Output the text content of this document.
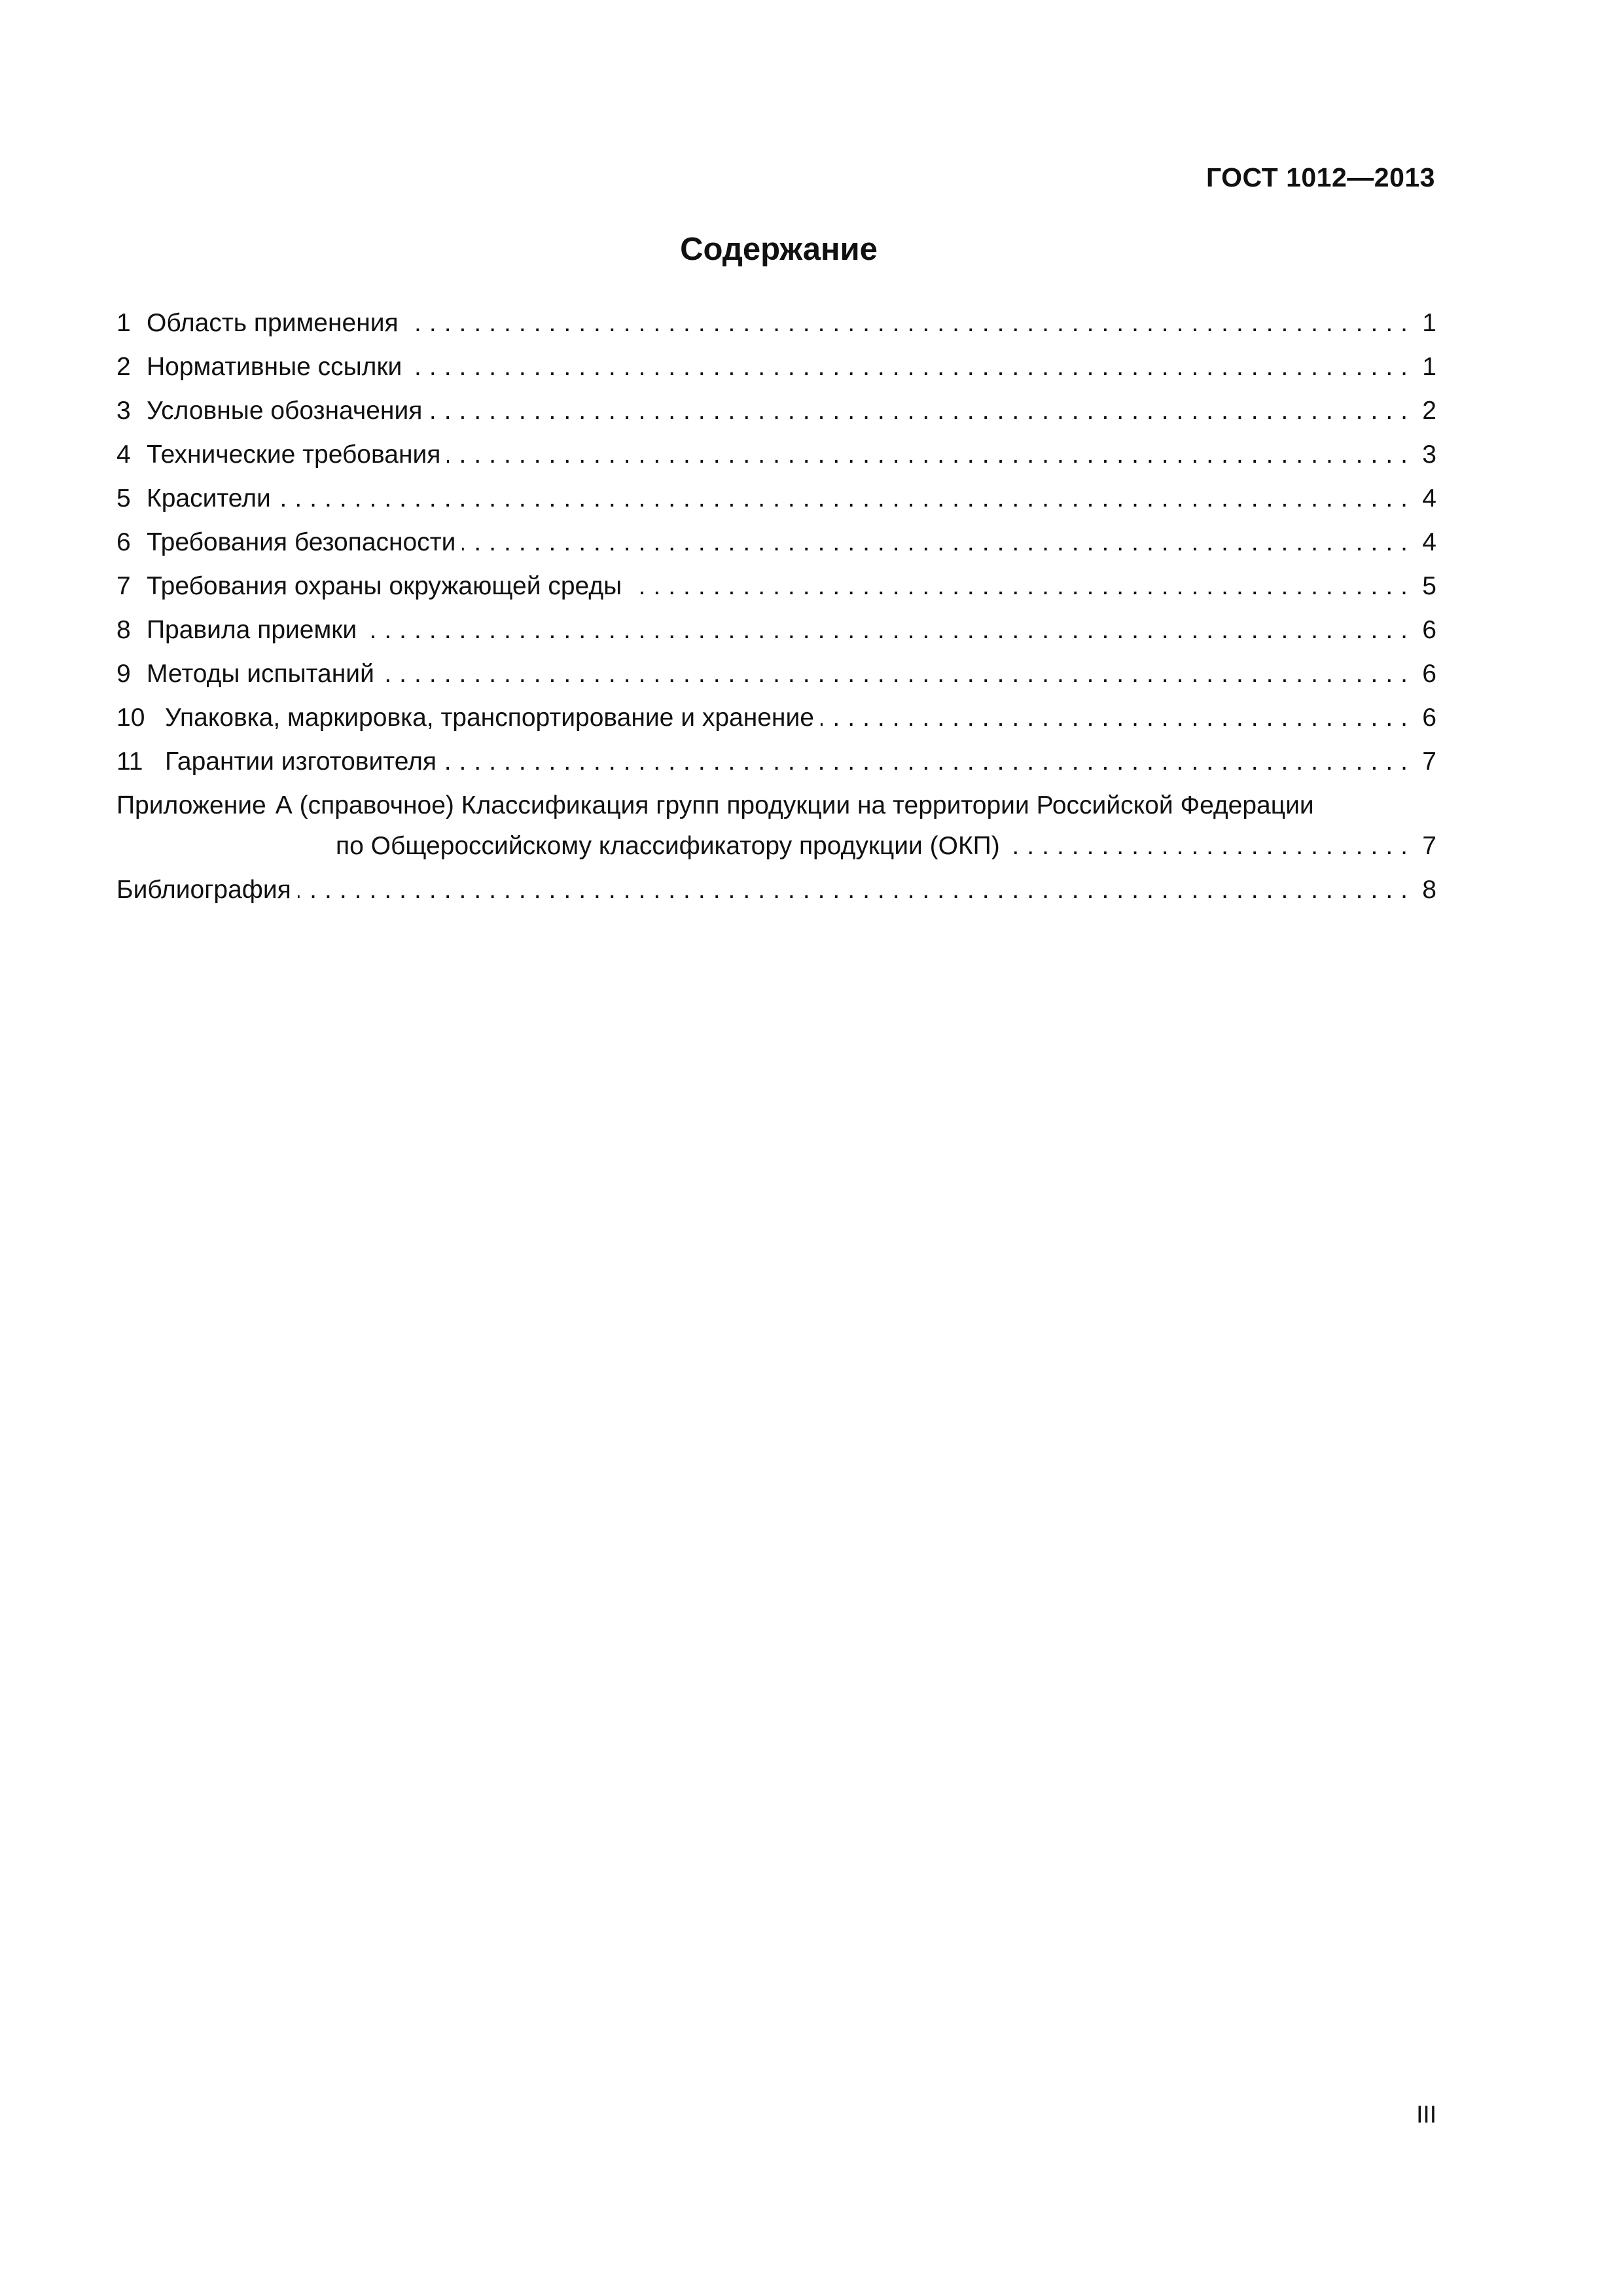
ГОСТ 1012—2013
Содержание
1 Область применения .....	1
2 Нормативные ссылки .....	1
3 Условные обозначения .....	2
4 Технические требования .....	3
5 Красители .....	4
6 Требования безопасности .....	4
7 Требования охраны окружающей среды .....	5
8 Правила приемки .....	6
9 Методы испытаний .....	6
10 Упаковка, маркировка, транспортирование и хранение .....	6
11 Гарантии изготовителя .....	7
Приложение А (справочное) Классификация групп продукции на территории Российской Федерации
по Общероссийскому классификатору продукции (ОКП) .....	7
Библиография .....	8
III
